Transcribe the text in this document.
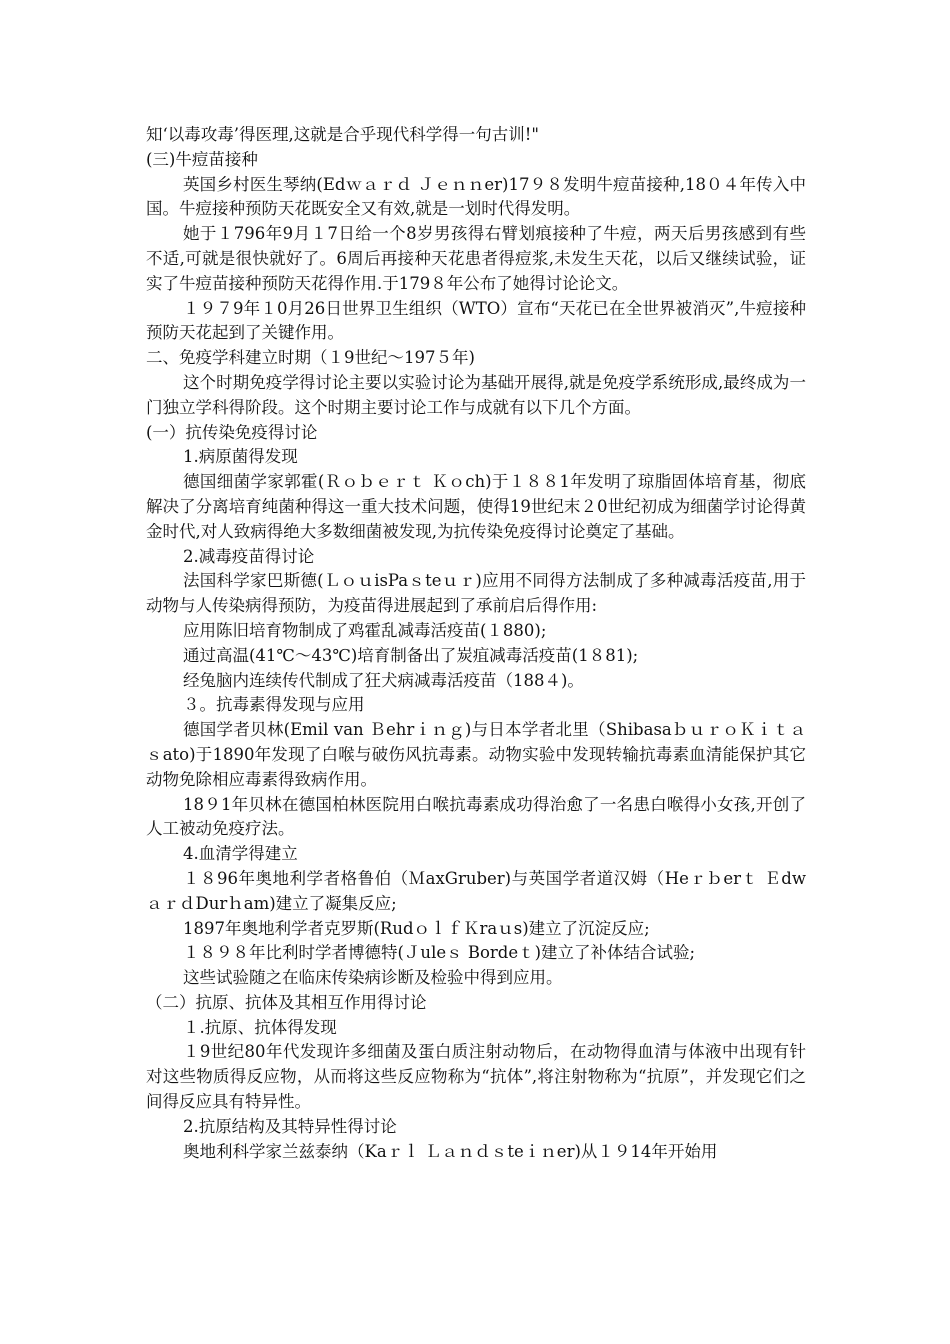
知‘以毒攻毒’得医理,这就是合乎现代科学得一句古训!"

(三)牛痘苗接种

英国乡村医生琴纳(Edｗａｒｄ Ｊｅｎｎer)17９８发明牛痘苗接种,18０４年传入中国。牛痘接种预防天花既安全又有效,就是一划时代得发明。

她于１796年9月１7日给一个8岁男孩得右臂划痕接种了牛痘，两天后男孩感到有些不适,可就是很快就好了。6周后再接种天花患者得痘浆,未发生天花，以后又继续试验，证实了牛痘苗接种预防天花得作用.于179８年公布了她得讨论论文。

１９７9年１0月26日世界卫生组织（WTO）宣布“天花已在全世界被消灭”,牛痘接种预防天花起到了关键作用。

二、免疫学科建立时期（１9世纪～197５年)

这个时期免疫学得讨论主要以实验讨论为基础开展得,就是免疫学系统形成,最终成为一门独立学科得阶段。这个时期主要讨论工作与成就有以下几个方面。

(一）抗传染免疫得讨论

1.病原菌得发现

德国细菌学家郭霍(Ｒｏｂｅｒｔ Ｋｏch)于１８８1年发明了琼脂固体培育基，彻底解决了分离培育纯菌种得这一重大技术问题，使得19世纪末２0世纪初成为细菌学讨论得黄金时代,对人致病得绝大多数细菌被发现,为抗传染免疫得讨论奠定了基础。

2.减毒疫苗得讨论

法国科学家巴斯德(ＬｏｕisPaｓteｕｒ)应用不同得方法制成了多种减毒活疫苗,用于动物与人传染病得预防，为疫苗得进展起到了承前启后得作用:

应用陈旧培育物制成了鸡霍乱减毒活疫苗(１880);

通过高温(41℃～43℃)培育制备出了炭疽减毒活疫苗(1８81);

经兔脑内连续传代制成了狂犬病减毒活疫苗（188４)。

３。抗毒素得发现与应用

德国学者贝林(Emil van Ｂehrｉｎｇ)与日本学者北里（ShibasaｂｕｒｏＫｉｔａｓato)于1890年发现了白喉与破伤风抗毒素。动物实验中发现转输抗毒素血清能保护其它动物免除相应毒素得致病作用。

18９1年贝林在德国柏林医院用白喉抗毒素成功得治愈了一名患白喉得小女孩,开创了人工被动免疫疗法。

4.血清学得建立

１８96年奥地利学者格鲁伯（ＭaxGruber)与英国学者道汉姆（Heｒｂerｔ ＥdwａｒｄDurｈam)建立了凝集反应;

1897年奥地利学者克罗斯(RudｏｌｆＫraｕs)建立了沉淀反应;

１８９８年比利时学者博德特(Ｊuleｓ Bordeｔ)建立了补体结合试验;

这些试验随之在临床传染病诊断及检验中得到应用。

（二）抗原、抗体及其相互作用得讨论

１.抗原、抗体得发现

１9世纪80年代发现许多细菌及蛋白质注射动物后，在动物得血清与体液中出现有针对这些物质得反应物，从而将这些反应物称为“抗体”,将注射物称为“抗原”，并发现它们之间得反应具有特异性。

2.抗原结构及其特异性得讨论

奥地利科学家兰兹泰纳（Kaｒｌ Ｌａｎｄｓteｉｎer)从１９14年开始用
